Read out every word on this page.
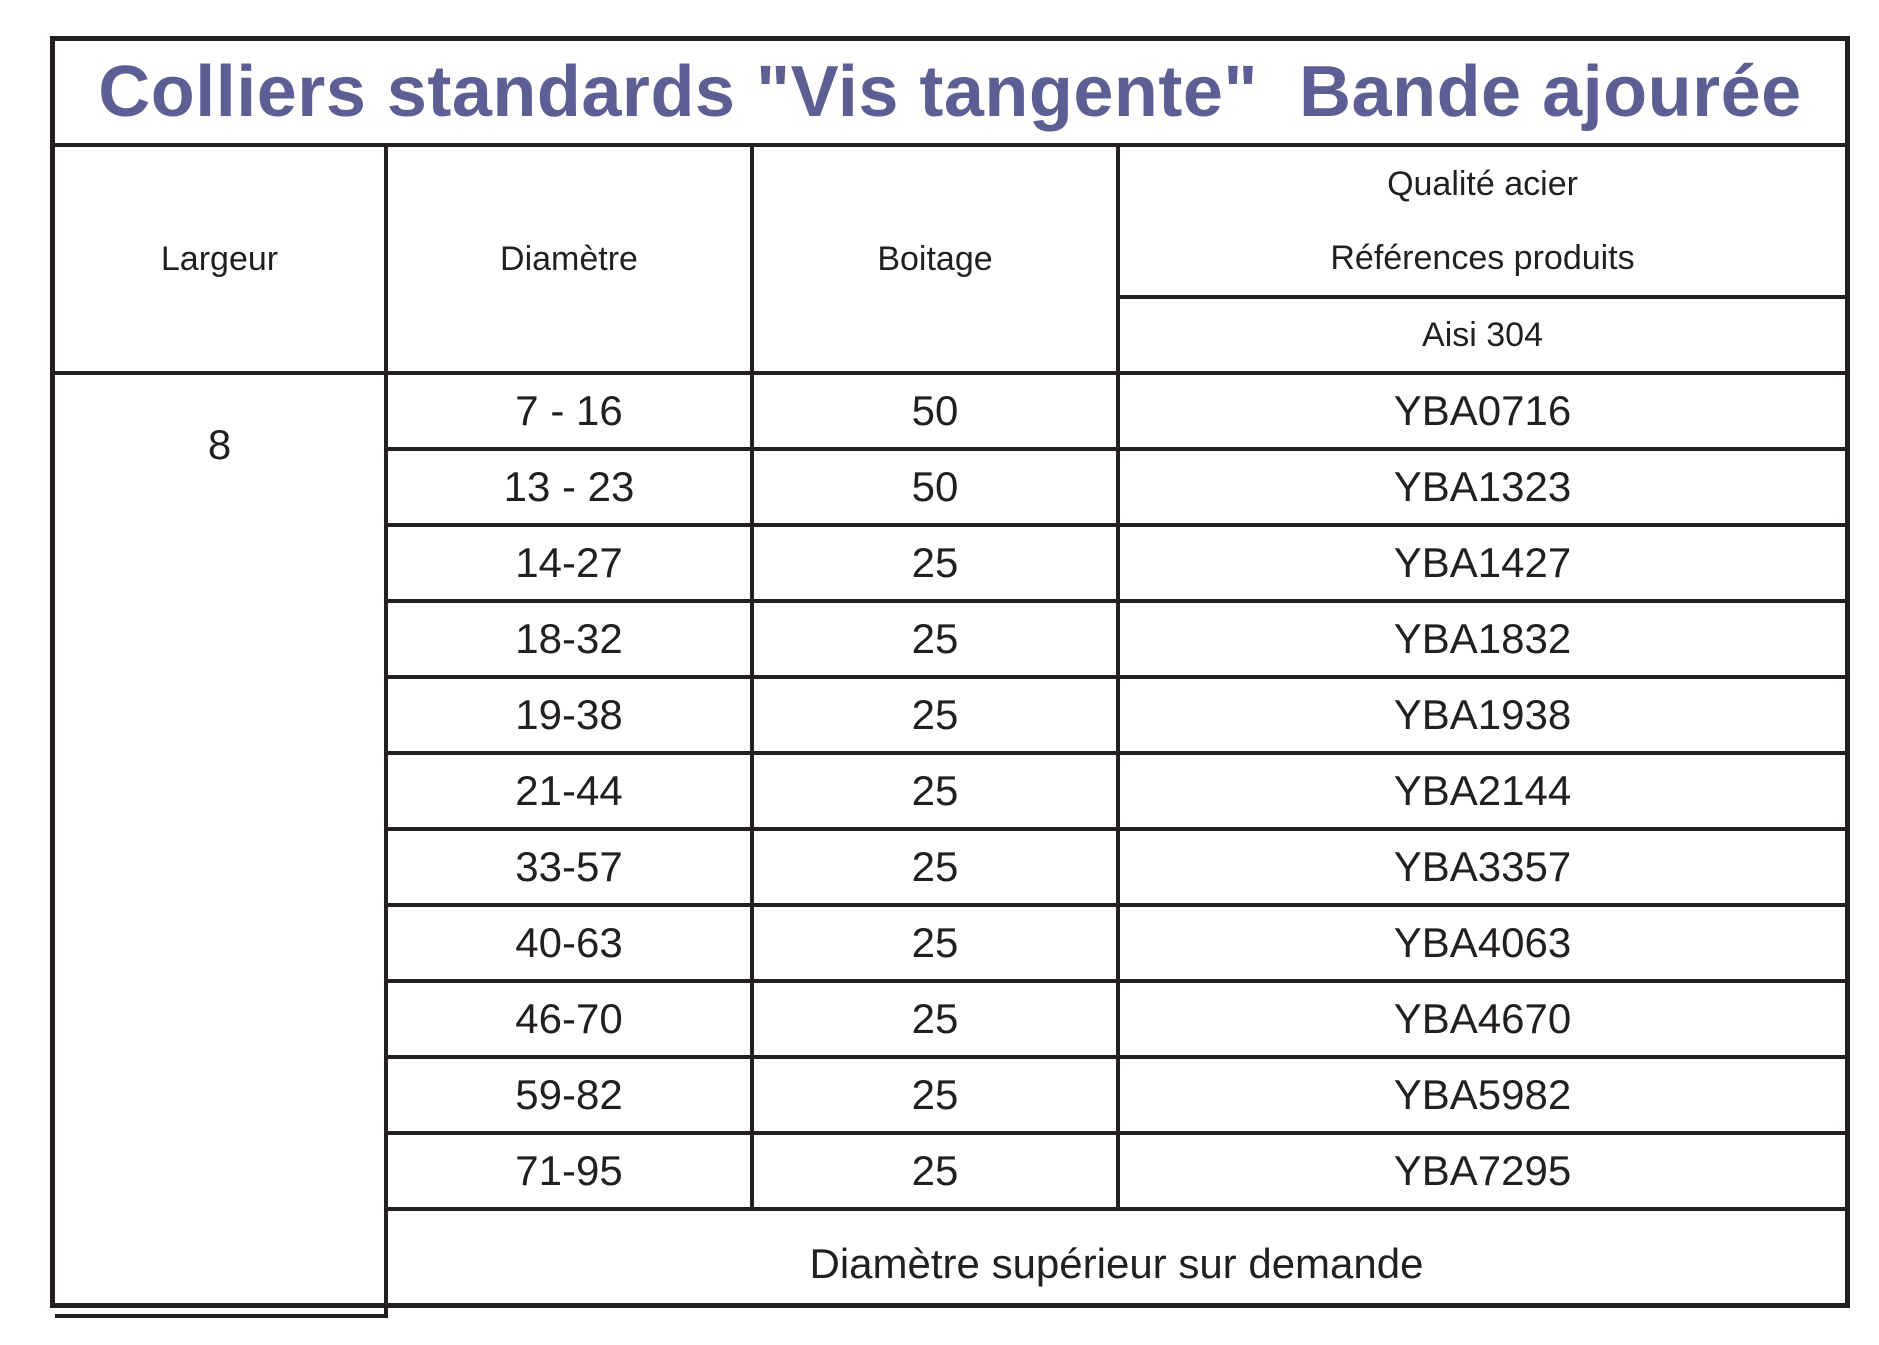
Colliers standards "Vis tangente"  Bande ajourée
Largeur	Diamètre	Boitage	Qualité acier
Références produits

			Aisi 304
8	7 - 16	50	YBA0716
	13 - 23	50	YBA1323
	14-27	25	YBA1427
	18-32	25	YBA1832
	19-38	25	YBA1938
	21-44	25	YBA2144
	33-57	25	YBA3357
	40-63	25	YBA4063
	46-70	25	YBA4670
	59-82	25	YBA5982
	71-95	25	YBA7295
	Diamètre supérieur sur demande		
